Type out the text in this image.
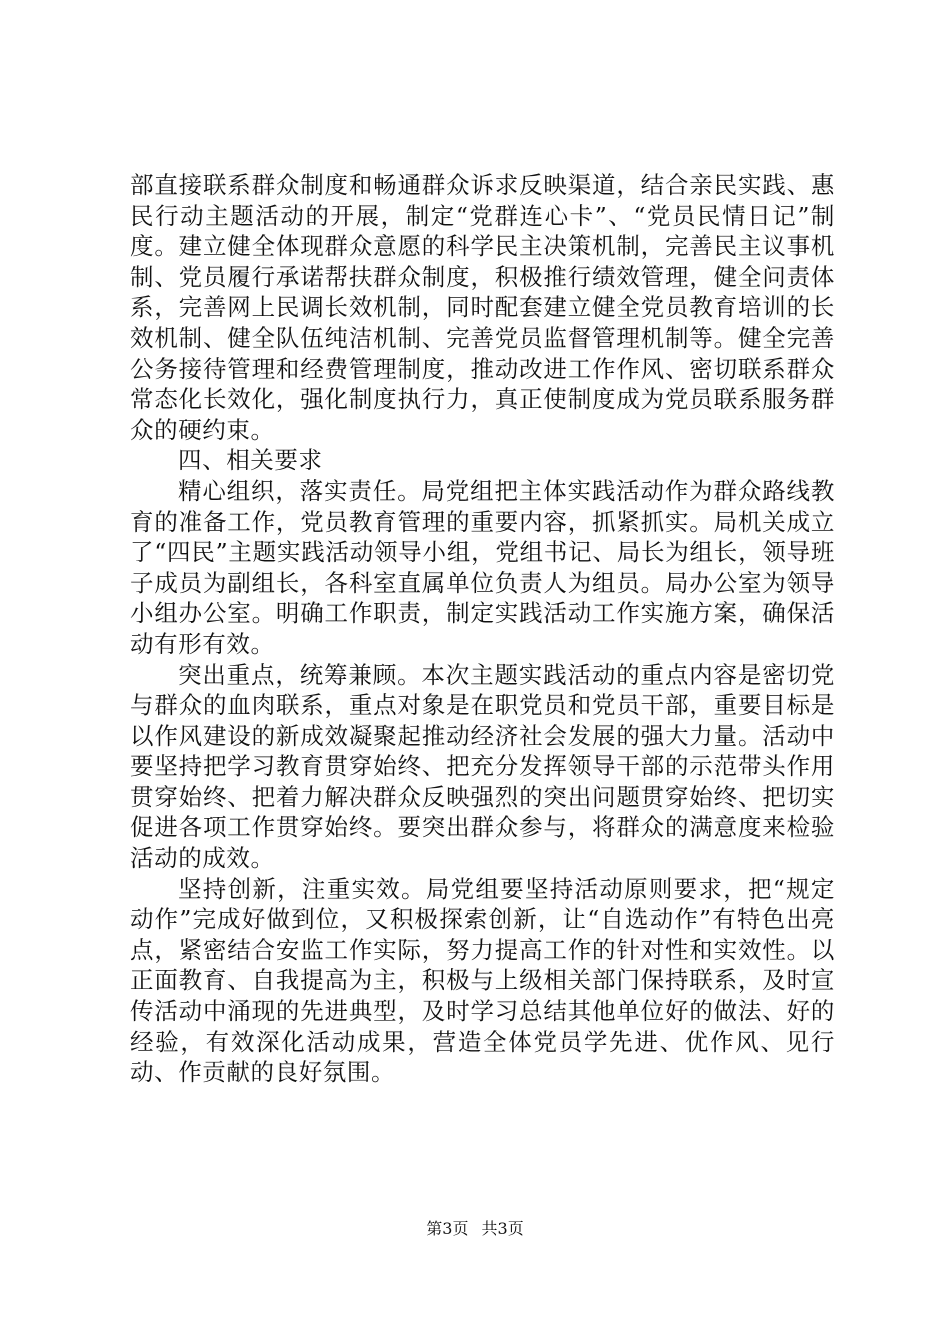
部直接联系群众制度和畅通群众诉求反映渠道，结合亲民实践、惠民行动主题活动的开展，制定“党群连心卡”、“党员民情日记”制度。建立健全体现群众意愿的科学民主决策机制，完善民主议事机制、党员履行承诺帮扶群众制度，积极推行绩效管理，健全问责体系，完善网上民调长效机制，同时配套建立健全党员教育培训的长效机制、健全队伍纯洁机制、完善党员监督管理机制等。健全完善公务接待管理和经费管理制度，推动改进工作作风、密切联系群众常态化长效化，强化制度执行力，真正使制度成为党员联系服务群众的硬约束。

四、相关要求

精心组织，落实责任。局党组把主体实践活动作为群众路线教育的准备工作，党员教育管理的重要内容，抓紧抓实。局机关成立了“四民”主题实践活动领导小组，党组书记、局长为组长，领导班子成员为副组长，各科室直属单位负责人为组员。局办公室为领导小组办公室。明确工作职责，制定实践活动工作实施方案，确保活动有形有效。

突出重点，统筹兼顾。本次主题实践活动的重点内容是密切党与群众的血肉联系，重点对象是在职党员和党员干部，重要目标是以作风建设的新成效凝聚起推动经济社会发展的强大力量。活动中要坚持把学习教育贯穿始终、把充分发挥领导干部的示范带头作用贯穿始终、把着力解决群众反映强烈的突出问题贯穿始终、把切实促进各项工作贯穿始终。要突出群众参与，将群众的满意度来检验活动的成效。

坚持创新，注重实效。局党组要坚持活动原则要求，把“规定动作”完成好做到位，又积极探索创新，让“自选动作”有特色出亮点，紧密结合安监工作实际，努力提高工作的针对性和实效性。以正面教育、自我提高为主，积极与上级相关部门保持联系，及时宣传活动中涌现的先进典型，及时学习总结其他单位好的做法、好的经验，有效深化活动成果，营造全体党员学先进、优作风、见行动、作贡献的良好氛围。

第3页 共3页
